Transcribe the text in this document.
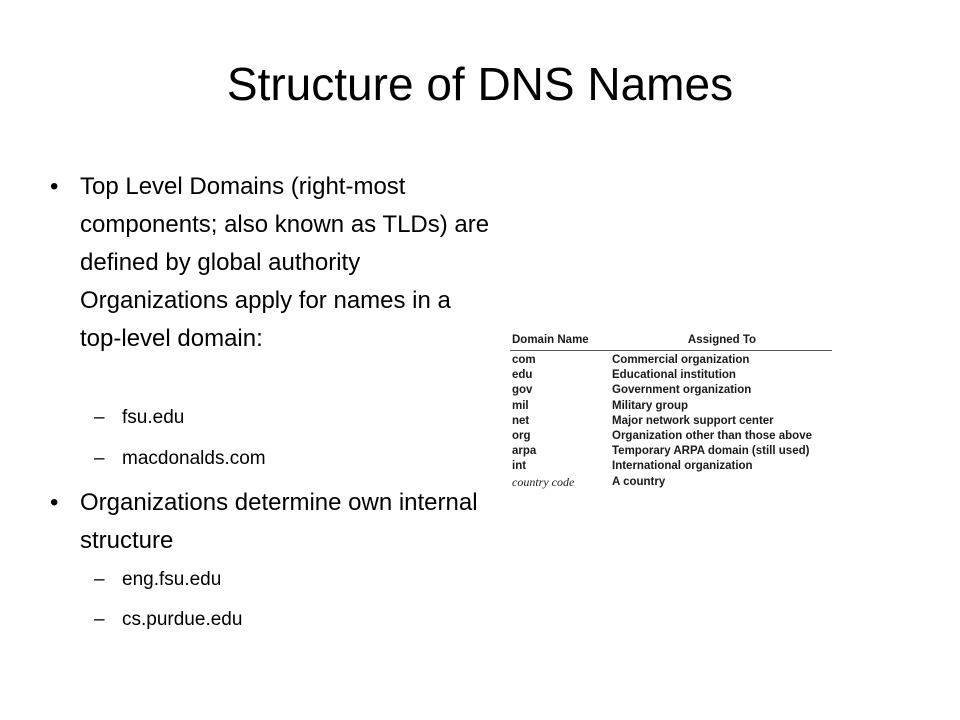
Structure of DNS Names
• Top Level Domains (right-most components; also known as TLDs) are defined by global authority Organizations apply for names in a top-level domain:
– fsu.edu
– macdonalds.com
• Organizations determine own internal structure
– eng.fsu.edu
– cs.purdue.edu
Domain Name	Assigned To
com	Commercial organization
edu	Educational institution
gov	Government organization
mil	Military group
net	Major network support center
org	Organization other than those above
arpa	Temporary ARPA domain (still used)
int	International organization
country code	A country
